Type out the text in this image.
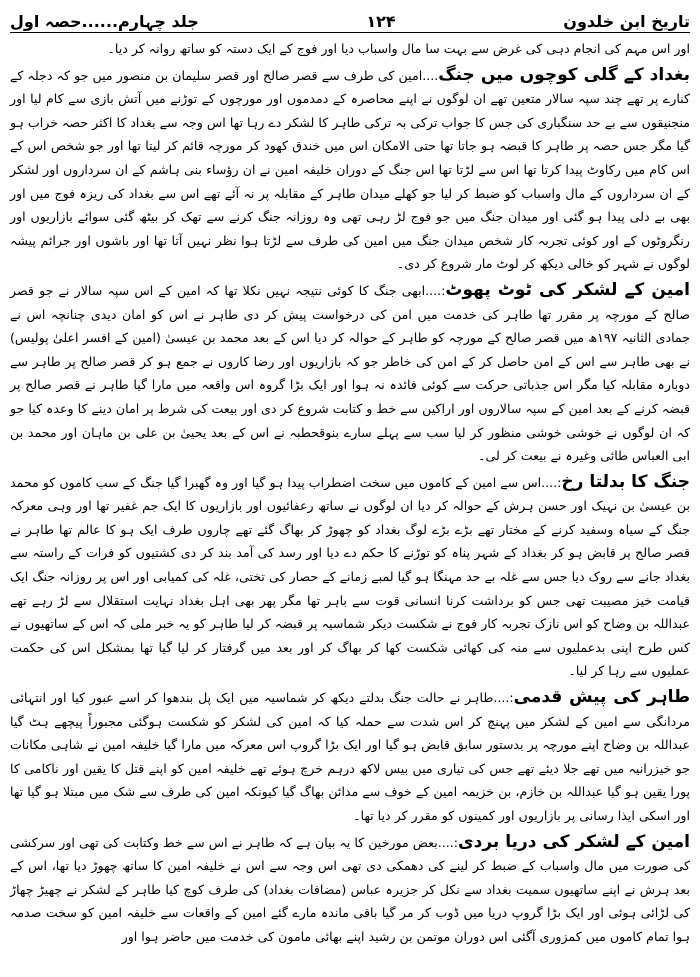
تاریخ ابن خلدون
۱۲۴
جلد چہارم......حصہ اول

اور اس مہم کی انجام دہی کی غرض سے بہت سا مال واسباب دیا اور فوج کے ایک دستہ کو ساتھ روانہ کر دیا۔

بغداد کے گلی کوچوں میں جنگ....امین کی طرف سے قصر صالح اور قصر سلیمان بن منصور میں جو کہ دجلہ کے کنارے پر تھے چند سپہ سالار متعین تھے ان لوگوں نے اپنے محاصرہ کے دمدموں اور مورچوں کے توڑنے میں آتش بازی سے کام لیا اور منجنیقوں سے بے حد سنگباری کی جس کا جواب ترکی بہ ترکی طاہر کا لشکر دے رہا تھا اس وجہ سے بغداد کا اکثر حصہ خراب ہو گیا مگر جس حصہ پر طاہر کا قبضہ ہو جاتا تھا حتی الامکان اس میں خندق کھود کر مورچہ قائم کر لیتا تھا اور جو شخص اس کے اس کام میں رکاوٹ پیدا کرتا تھا اس سے لڑتا تھا اس جنگ کے دوران خلیفہ امین نے ان رؤساء بنی ہاشم کے ان سرداروں اور لشکر کے ان سرداروں کے مال واسباب کو ضبط کر لیا جو کھلے میدان طاہر کے مقابلہ پر نہ آئے تھے اس سے بغداد کی ریزہ فوج میں اور بھی بے دلی پیدا ہو گئی اور میدان جنگ میں جو فوج لڑ رہی تھی وہ روزانہ جنگ کرنے سے تھک کر بیٹھ گئی سوائے بازاریوں اور رنگروٹوں کے اور کوئی تجربہ کار شخص میدان جنگ میں امین کی طرف سے لڑتا ہوا نظر نہیں آتا تھا اور باشوں اور جرائم پیشہ لوگوں نے شہر کو خالی دیکھ کر لوٹ مار شروع کر دی۔

امین کے لشکر کی ٹوٹ پھوٹ:....ابھی جنگ کا کوئی نتیجہ نہیں نکلا تھا کہ امین کے اس سپہ سالار نے جو قصر صالح کے مورچہ پر مقرر تھا طاہر کی خدمت میں امن کی درخواست پیش کر دی طاہر نے اس کو امان دیدی چنانچہ اس نے جمادی الثانیہ ۱۹۷ھ میں قصر صالح کے مورچہ کو طاہر کے حوالہ کر دیا اس کے بعد محمد بن عیسیٰ (امین کے افسر اعلیٰ پولیس) نے بھی طاہر سے اس کے امن حاصل کر کے امن کی خاطر جو کہ بازاریوں اور رضا کاروں نے جمع ہو کر قصر صالح پر طاہر سے دوبارہ مقابلہ کیا مگر اس جذباتی حرکت سے کوئی فائدہ نہ ہوا اور ایک بڑا گروہ اس واقعہ میں مارا گیا طاہر نے قصر صالح پر قبضہ کرنے کے بعد امین کے سپہ سالاروں اور اراکین سے خط و کتابت شروع کر دی اور بیعت کی شرط پر امان دینے کا وعدہ کیا جو کہ ان لوگوں نے خوشی خوشی منظور کر لیا سب سے پہلے سارے بنوقحطبہ نے اس کے بعد یحییٰ بن علی بن ماہان اور محمد بن ابی العباس طائی وغیرہ نے بیعت کر لی۔

جنگ کا بدلتا رخ:....اس سے امین کے کاموں میں سخت اضطراب پیدا ہو گیا اور وہ گھبرا گیا جنگ کے سب کاموں کو محمد بن عیسیٰ بن نہیک اور حسن ہرش کے حوالہ کر دیا ان لوگوں نے ساتھ رعفائیوں اور بازاریوں کا ایک جم غفیر تھا اور وہی معرکہ جنگ کے سیاہ وسفید کرنے کے مختار تھے بڑے بڑے لوگ بغداد کو چھوڑ کر بھاگ گئے تھے چاروں طرف ایک ہو کا عالم تھا طاہر نے قصر صالح پر قابض ہو کر بغداد کے شہر پناہ کو توڑنے کا حکم دے دیا اور رسد کی آمد بند کر دی کشتیوں کو فرات کے راستہ سے بغداد جانے سے روک دیا جس سے غلہ بے حد مہنگا ہو گیا لمبے زمانے کے حصار کی تختی، غلہ کی کمیابی اور اس پر روزانہ جنگ ایک قیامت خیز مصیبت تھی جس کو برداشت کرنا انسانی قوت سے باہر تھا مگر پھر بھی اہل بغداد نہایت استقلال سے لڑ رہے تھے عبداللہ بن وضاح کو اس نازک تجربہ کار فوج نے شکست دیکر شماسیہ پر قبضہ کر لیا طاہر کو یہ خبر ملی کہ اس کے ساتھیوں نے کس طرح اپنی بدعملیوں سے منہ کی کھائی شکست کھا کر بھاگ کر اور بعد میں گرفتار کر لیا گیا تھا بمشکل اس کی حکمت عملیوں سے رہا کر لیا۔

طاہر کی پیش قدمی:....طاہر نے حالت جنگ بدلتے دیکھ کر شماسیہ میں ایک پل بندھوا کر اسے عبور کیا اور انتہائی مردانگی سے امین کے لشکر میں پہنچ کر اس شدت سے حملہ کیا کہ امین کی لشکر کو شکست ہوگئی مجبوراً پیچھے ہٹ گیا عبداللہ بن وضاح اپنے مورچہ پر بدستور سابق قابض ہو گیا اور ایک بڑا گروپ اس معرکہ میں مارا گیا خلیفہ امین نے شاہی مکانات جو خیزرانیہ میں تھے جلا دیئے تھے جس کی تیاری میں بیس لاکھ درہم خرچ ہوئے تھے خلیفہ امین کو اپنے قتل کا یقین اور ناکامی کا پورا یقین ہو گیا عبداللہ بن خازم، بن خزیمہ امین کے خوف سے مدائن بھاگ گیا کیونکہ امین کی طرف سے شک میں مبتلا ہو گیا تھا اور اسکی ایذا رسانی پر بازاریوں اور کمینوں کو مقرر کر دیا تھا۔

امین کے لشکر کی دریا بردی:....بعض مورخین کا یہ بیان ہے کہ طاہر نے اس سے خط وکتابت کی تھی اور سرکشی کی صورت میں مال واسباب کے ضبط کر لینے کی دھمکی دی تھی اس وجہ سے اس نے خلیفہ امین کا ساتھ چھوڑ دیا تھا، اس کے بعد ہرش نے اپنے ساتھیوں سمیت بغداد سے نکل کر جزیرہ عباس (مضافات بغداد) کی طرف کوچ کیا طاہر کے لشکر نے چھیڑ چھاڑ کی لڑائی ہوئی اور ایک بڑا گروپ دریا میں ڈوب کر مر گیا باقی ماندہ مارے گئے امین کے واقعات سے خلیفہ امین کو سخت صدمہ ہوا تمام کاموں میں کمزوری آگئی اس دوران موتمن بن رشید اپنے بھائی مامون کی خدمت میں حاضر ہوا اور
